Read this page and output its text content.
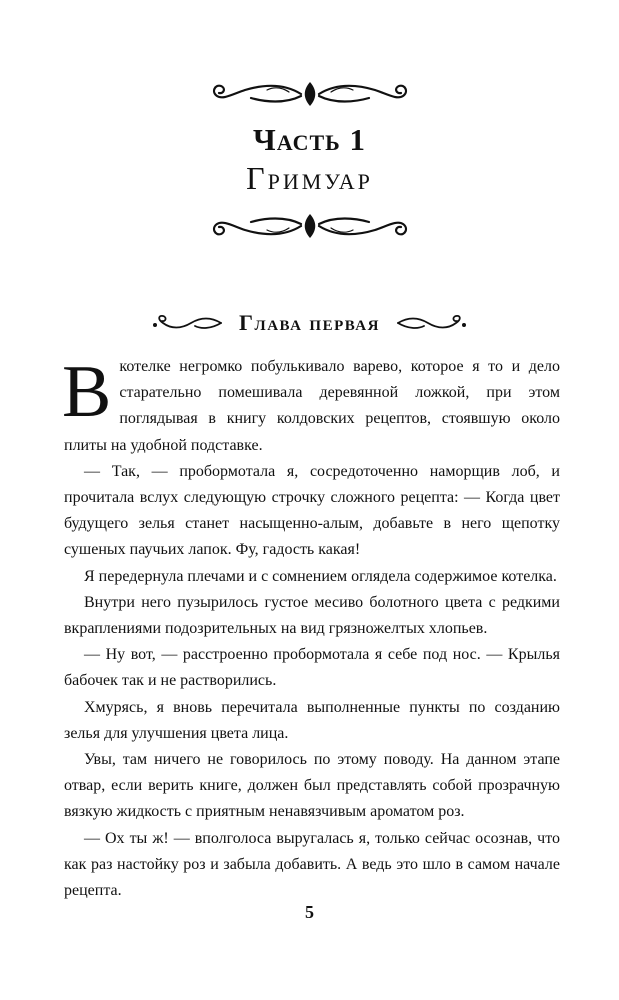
Часть 1
Гримуар
Глава первая

Вкотелке негромко побулькивало варево, которое я то и дело старательно помешивала деревянной ложкой, при этом поглядывая в книгу колдовских рецептов, стоявшую около плиты на удобной подставке.

— Так, — пробормотала я, сосредоточенно наморщив лоб, и прочитала вслух следующую строчку сложного рецепта: — Когда цвет будущего зелья станет насыщенно-алым, добавьте в него щепотку сушеных паучьих лапок. Фу, гадость какая!

Я передернула плечами и с сомнением оглядела содержимое котелка.

Внутри него пузырилось густое месиво болотного цвета с редкими вкраплениями подозрительных на вид грязножелтых хлопьев.

— Ну вот, — расстроенно пробормотала я себе под нос. — Крылья бабочек так и не растворились.

Хмурясь, я вновь перечитала выполненные пункты по созданию зелья для улучшения цвета лица.

Увы, там ничего не говорилось по этому поводу. На данном этапе отвар, если верить книге, должен был представлять собой прозрачную вязкую жидкость с приятным ненавязчивым ароматом роз.

— Ох ты ж! — вполголоса выругалась я, только сейчас осознав, что как раз настойку роз и забыла добавить. А ведь это шло в самом начале рецепта.

5
